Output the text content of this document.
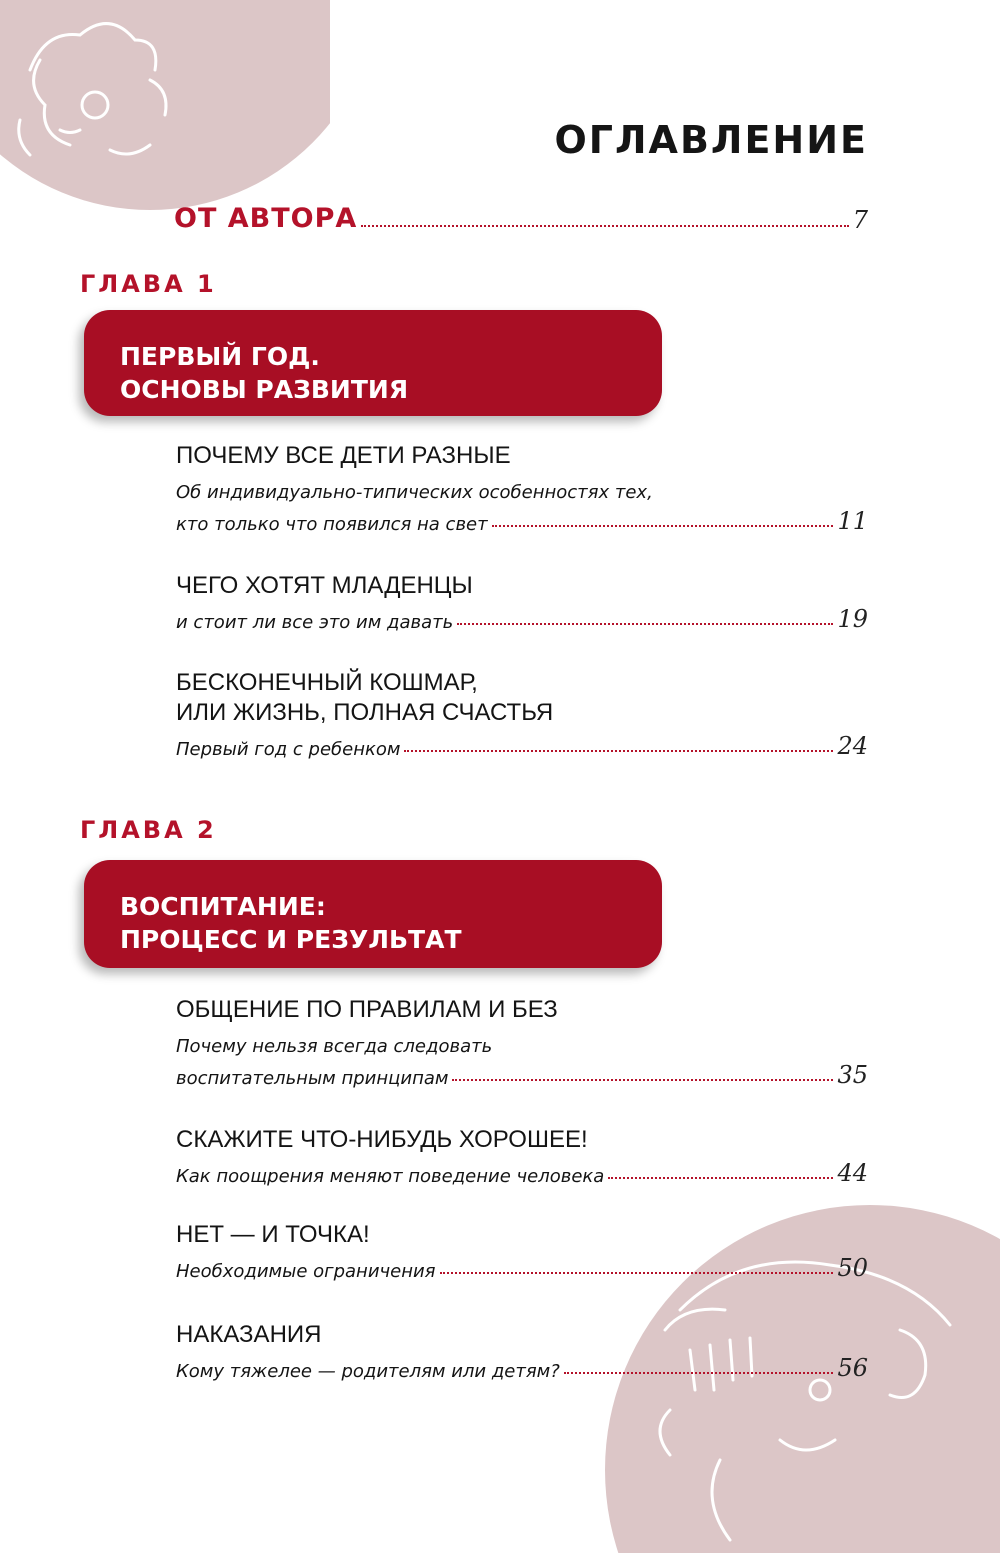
ОГЛАВЛЕНИЕ
ОТ АВТОРА	7
ГЛАВА 1
ПЕРВЫЙ ГОД.
ОСНОВЫ РАЗВИТИЯ
ПОЧЕМУ ВСЕ ДЕТИ РАЗНЫЕ
Об индивидуально-типических особенностях тех,
кто только что появился на свет	11
ЧЕГО ХОТЯТ МЛАДЕНЦЫ
и стоит ли все это им давать	19
БЕСКОНЕЧНЫЙ КОШМАР,
ИЛИ ЖИЗНЬ, ПОЛНАЯ СЧАСТЬЯ
Первый год с ребенком	24
ГЛАВА 2
ВОСПИТАНИЕ:
ПРОЦЕСС И РЕЗУЛЬТАТ
ОБЩЕНИЕ ПО ПРАВИЛАМ И БЕЗ
Почему нельзя всегда следовать
воспитательным принципам	35
СКАЖИТЕ ЧТО-НИБУДЬ ХОРОШЕЕ!
Как поощрения меняют поведение человека	44
НЕТ — И ТОЧКА!
Необходимые ограничения	50
НАКАЗАНИЯ
Кому тяжелее — родителям или детям?	56
